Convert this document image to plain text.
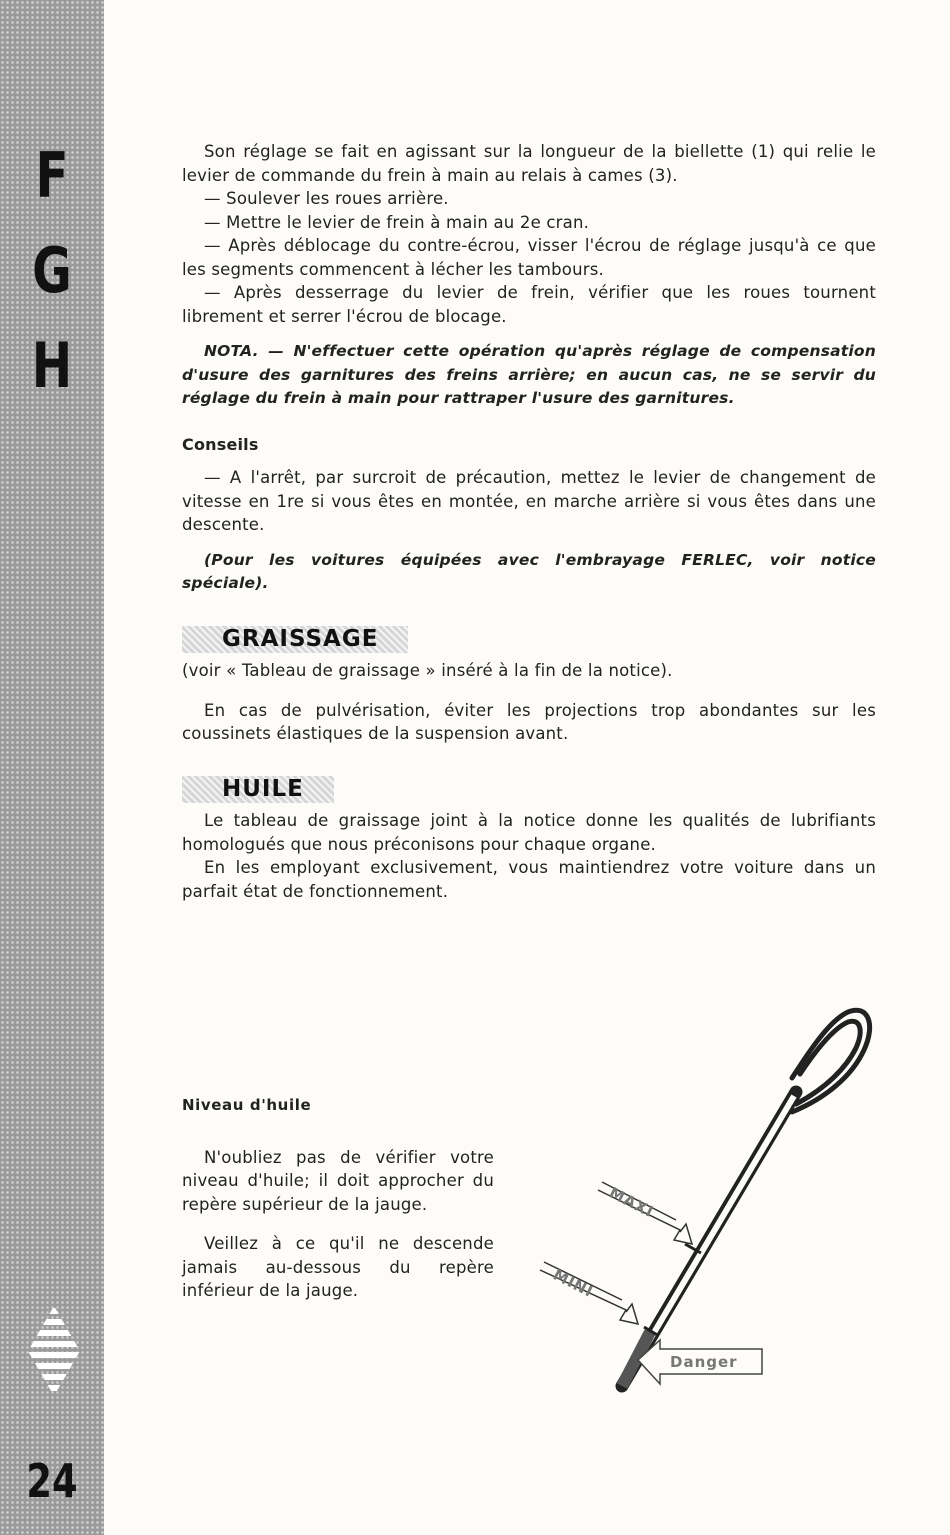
F
G
H
24

Son réglage se fait en agissant sur la longueur de la biellette (1) qui relie le levier de commande du frein à main au relais à cames (3).

— Soulever les roues arrière.

— Mettre le levier de frein à main au 2e cran.

— Après déblocage du contre-écrou, visser l'écrou de réglage jusqu'à ce que les segments commencent à lécher les tambours.

— Après desserrage du levier de frein, vérifier que les roues tournent librement et serrer l'écrou de blocage.

NOTA. — N'effectuer cette opération qu'après réglage de compensation d'usure des garnitures des freins arrière; en aucun cas, ne se servir du réglage du frein à main pour rattraper l'usure des garnitures.

Conseils

— A l'arrêt, par surcroit de précaution, mettez le levier de changement de vitesse en 1re si vous êtes en montée, en marche arrière si vous êtes dans une descente.

(Pour les voitures équipées avec l'embrayage FERLEC, voir notice spéciale).

GRAISSAGE

(voir « Tableau de graissage » inséré à la fin de la notice).

En cas de pulvérisation, éviter les projections trop abondantes sur les coussinets élastiques de la suspension avant.

HUILE

Le tableau de graissage joint à la notice donne les qualités de lubrifiants homologués que nous préconisons pour chaque organe.

En les employant exclusivement, vous maintiendrez votre voiture dans un parfait état de fonctionnement.

Niveau d'huile

N'oubliez pas de vérifier votre niveau d'huile; il doit approcher du repère supérieur de la jauge.

Veillez à ce qu'il ne descende jamais au-dessous du repère inférieur de la jauge.

MAXI
MINI
Danger
